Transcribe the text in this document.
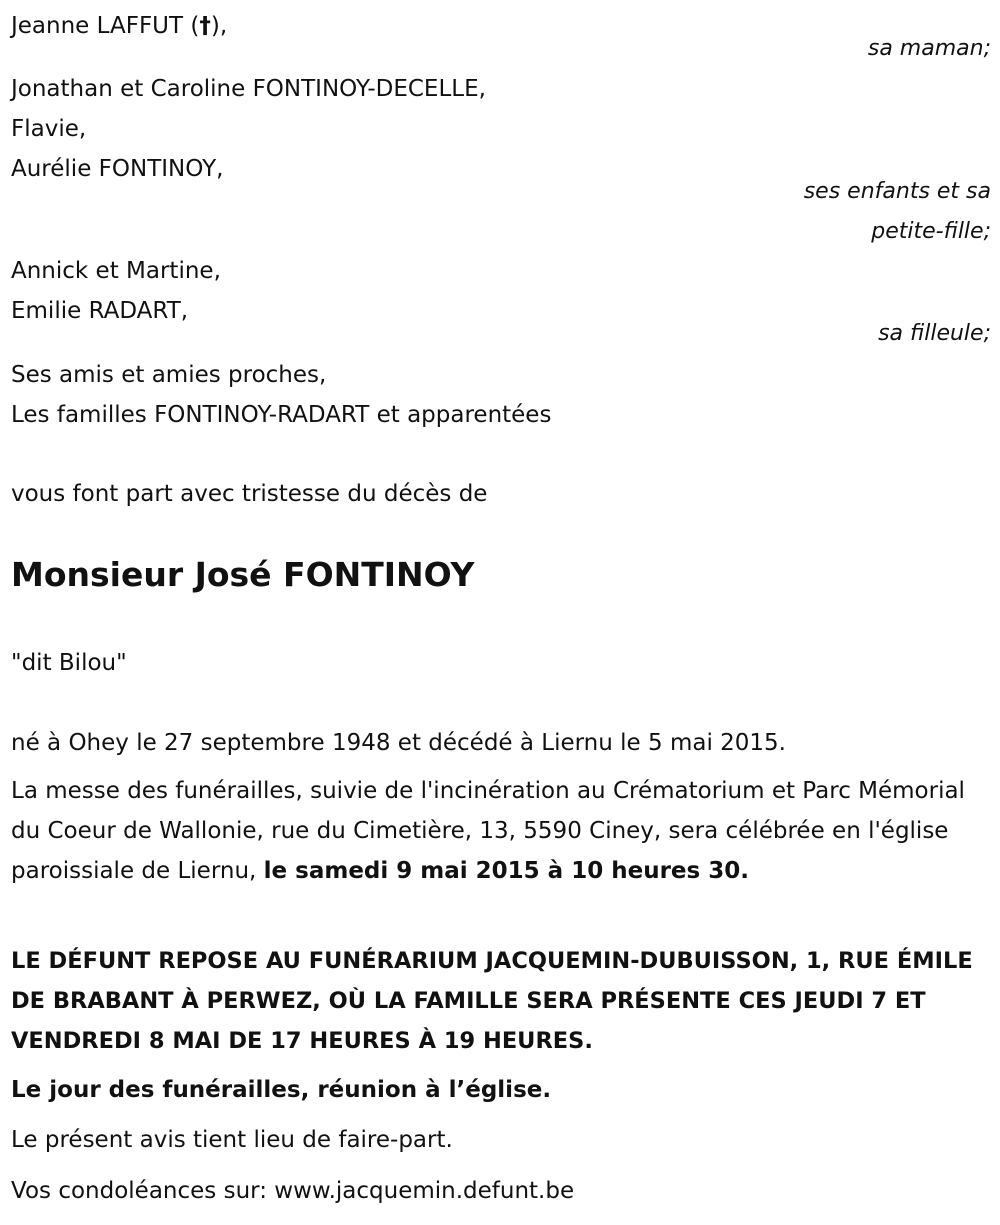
Jeanne LAFFUT (†),
sa maman;
Jonathan et Caroline FONTINOY-DECELLE,
Flavie,
Aurélie FONTINOY,
ses enfants et sa
petite-fille;
Annick et Martine,
Emilie RADART,
sa filleule;
Ses amis et amies proches,
Les familles FONTINOY-RADART et apparentées
vous font part avec tristesse du décès de
Monsieur José FONTINOY
"dit Bilou"
né à Ohey le 27 septembre 1948 et décédé à Liernu le 5 mai 2015.
La messe des funérailles, suivie de l'incinération au Crématorium et Parc Mémorial du Coeur de Wallonie, rue du Cimetière, 13, 5590 Ciney, sera célébrée en l'église paroissiale de Liernu, le samedi 9 mai 2015 à 10 heures 30.
LE DÉFUNT REPOSE AU FUNÉRARIUM JACQUEMIN-DUBUISSON, 1, RUE ÉMILE DE BRABANT À PERWEZ, OÙ LA FAMILLE SERA PRÉSENTE CES JEUDI 7 ET VENDREDI 8 MAI DE 17 HEURES À 19 HEURES.
Le jour des funérailles, réunion à l’église.
Le présent avis tient lieu de faire-part.
Vos condoléances sur: www.jacquemin.defunt.be
